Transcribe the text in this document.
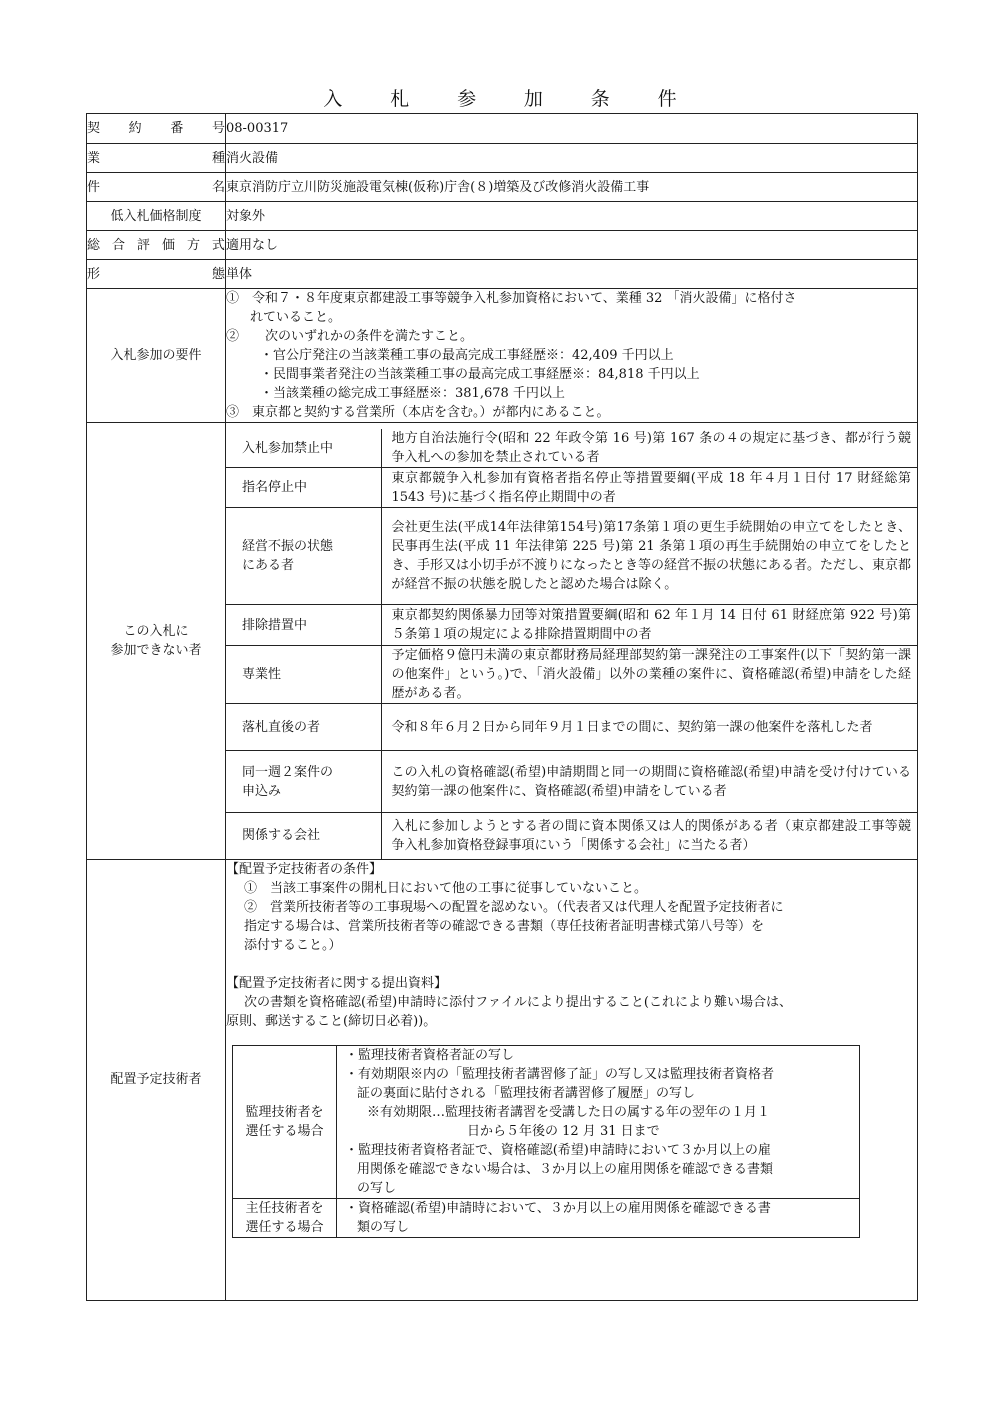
入 札 参 加 条 件
契 約 番 号	08-00317

業	種	消火設備

件	名	東京消防庁立川防災施設電気棟(仮称)庁舎(８)増築及び改修消火設備工事
低入札価格制度	対象外

総 合 評 価 方 式	適用なし

形	態	単体
入札参加の要件	
①　令和７・８年度東京都建設工事等競争入札参加資格において、業種 32 「消火設備」に格付さ
れていること。
②　　次のいずれかの条件を満たすこと。
・官公庁発注の当該業種工事の最高完成工事経歴※：42,409 千円以上
・民間事業者発注の当該業種工事の最高完成工事経歴※：84,818 千円以上
・当該業種の総完成工事経歴※：381,678 千円以上
③　東京都と契約する営業所（本店を含む。）が都内にあること。

この入札に
参加できない者

入札参加禁止中	地方自治法施行令(昭和 22 年政令第 16 号)第 167 条の４の規定に基づき、都が行う競争入札への参加を禁止されている者
指名停止中	東京都競争入札参加有資格者指名停止等措置要綱(平成 18 年４月１日付 17 財経総第 1543 号)に基づく指名停止期間中の者

経営不振の状態
にある者
	会社更生法(平成14年法律第154号)第17条第１項の更生手続開始の申立てをしたとき、民事再生法(平成 11 年法律第 225 号)第 21 条第１項の再生手続開始の申立てをしたとき、手形又は小切手が不渡りになったとき等の経営不振の状態にある者。ただし、東京都が経営不振の状態を脱したと認めた場合は除く。
排除措置中	東京都契約関係暴力団等対策措置要綱(昭和 62 年１月 14 日付 61 財経庶第 922 号)第５条第１項の規定による排除措置期間中の者
専業性	予定価格９億円未満の東京都財務局経理部契約第一課発注の工事案件(以下「契約第一課の他案件」という。)で、「消火設備」以外の業種の案件に、資格確認(希望)申請をした経歴がある者。
落札直後の者	令和８年６月２日から同年９月１日までの間に、契約第一課の他案件を落札した者

同一週２案件の
申込み
	この入札の資格確認(希望)申請期間と同一の期間に資格確認(希望)申請を受け付けている契約第一課の他案件に、資格確認(希望)申請をしている者
関係する会社	入札に参加しようとする者の間に資本関係又は人的関係がある者（東京都建設工事等競争入札参加資格登録事項にいう「関係する会社」に当たる者）

配置予定技術者	
【配置予定技術者の条件】
①　当該工事案件の開札日において他の工事に従事していないこと。
②　営業所技術者等の工事現場への配置を認めない。（代表者又は代理人を配置予定技術者に
指定する場合は、営業所技術者等の確認できる書類（専任技術者証明書様式第八号等）を
添付すること。）
【配置予定技術者に関する提出資料】
次の書類を資格確認(希望)申請時に添付ファイルにより提出すること(これにより難い場合は、
原則、郵送すること(締切日必着))。
監理技術者を
選任する場合

・監理技術者資格者証の写し
・有効期限※内の「監理技術者講習修了証」の写し又は監理技術者資格者
証の裏面に貼付される「監理技術者講習修了履歴」の写し
※有効期限…監理技術者講習を受講した日の属する年の翌年の１月１
日から５年後の 12 月 31 日まで
・監理技術者資格者証で、資格確認(希望)申請時において３か月以上の雇
用関係を確認できない場合は、３か月以上の雇用関係を確認できる書類
の写し

主任技術者を
選任する場合

・資格確認(希望)申請時において、３か月以上の雇用関係を確認できる書
類の写し
